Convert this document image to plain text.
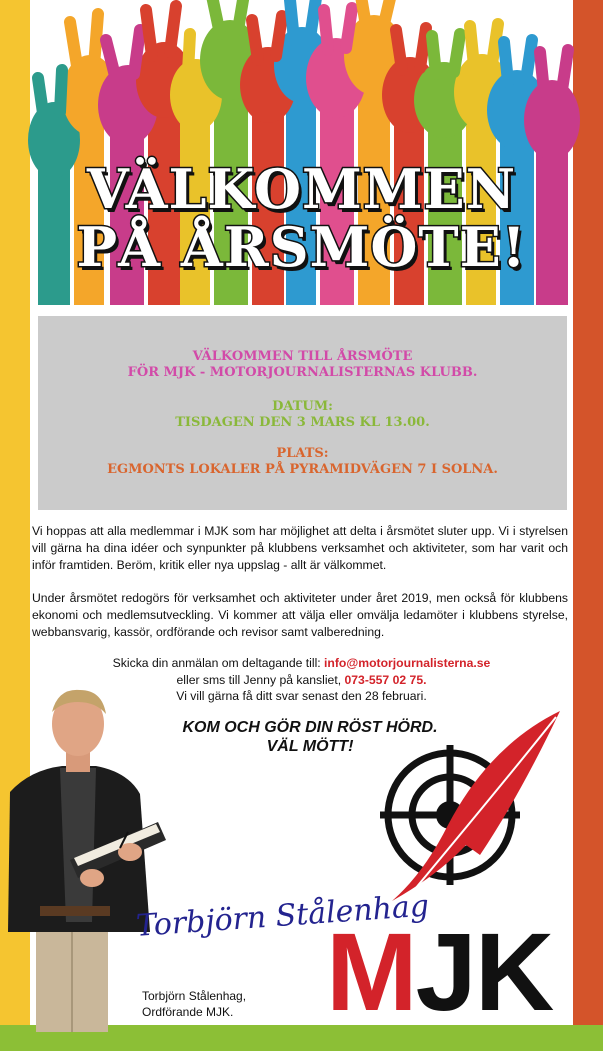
VÄLKOMMEN
PÅ ÅRSMÖTE!
VÄLKOMMEN TILL ÅRSMÖTE
FÖR MJK - MOTORJOURNALISTERNAS KLUBB.
DATUM:
TISDAGEN DEN 3 MARS KL 13.00.
PLATS:
EGMONTS LOKALER PÅ PYRAMIDVÄGEN 7 I SOLNA.

Vi hoppas att alla medlemmar i MJK som har möjlighet att delta i årsmötet sluter upp. Vi i styrelsen vill gärna ha dina idéer och synpunkter på klubbens verksamhet och aktiviteter, som har varit och inför framtiden. Beröm, kritik eller nya uppslag - allt är välkommet.

Under årsmötet redogörs för verksamhet och aktiviteter under året 2019, men också för klubbens ekonomi och medlemsutveckling. Vi kommer att välja eller omvälja ledamöter i klubbens styrelse, webbansvarig, kassör, ordförande och revisor samt valberedning.

Skicka din anmälan om deltagande till: info@motorjournalisterna.se
eller sms till Jenny på kansliet, 073-557 02 75.
Vi vill gärna få ditt svar senast den 28 februari.
KOM OCH GÖR DIN RÖST HÖRD.
VÄL MÖTT!
Torbjörn Stålenhag
Torbjörn Stålenhag,
Ordförande MJK. MJK
